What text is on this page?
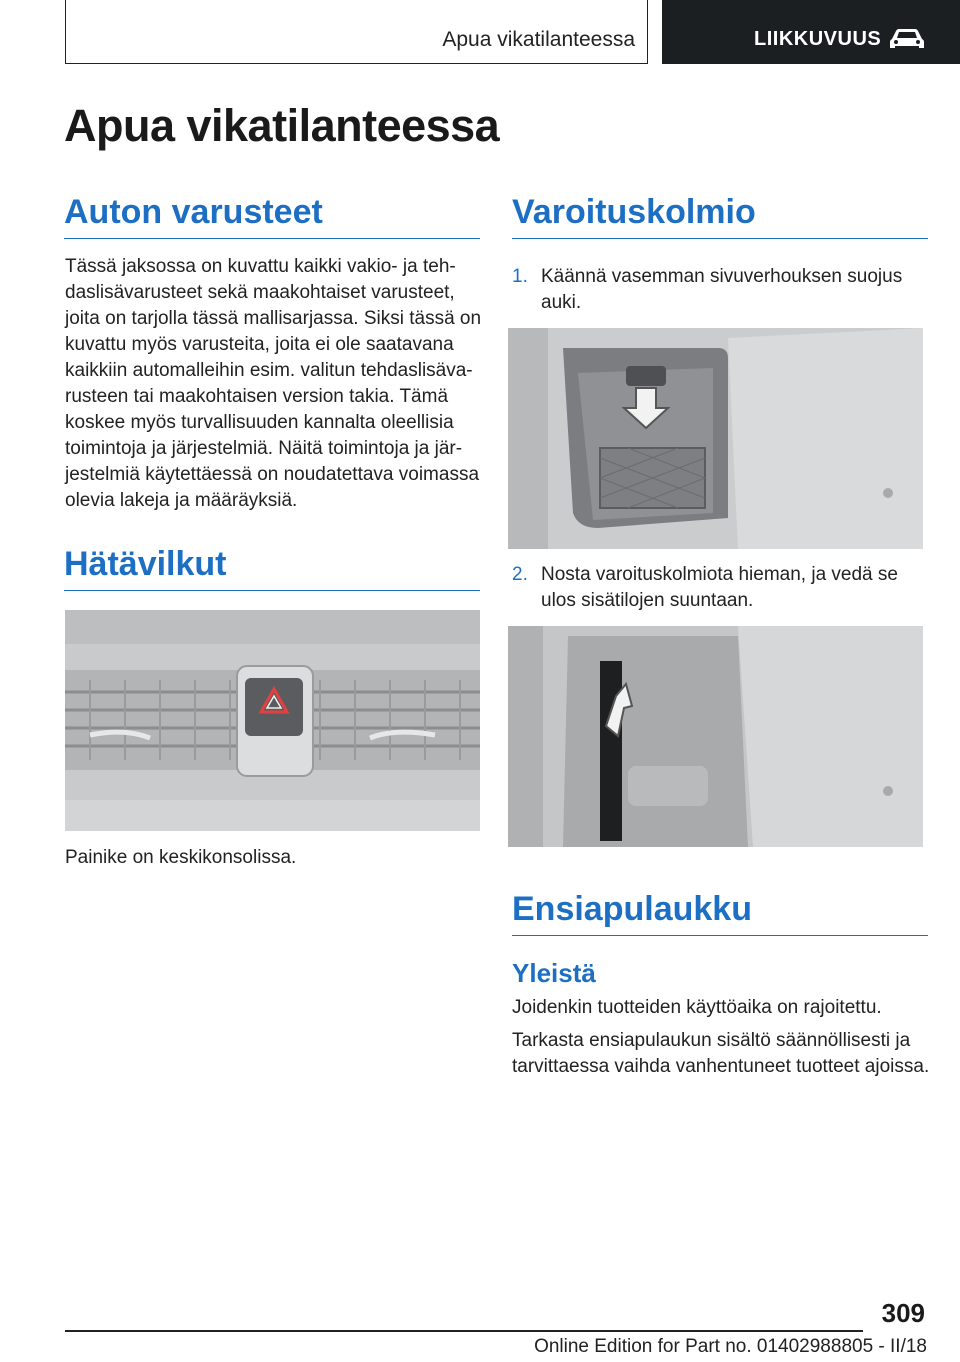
Apua vikatilanteessa	LIIKKUVUUS
Apua vikatilanteessa
Auton varusteet
Tässä jaksossa on kuvattu kaikki vakio- ja teh-
daslisävarusteet sekä maakohtaiset varusteet,
joita on tarjolla tässä mallisarjassa. Siksi tässä on
kuvattu myös varusteita, joita ei ole saatavana
kaikkiin automalleihin esim. valitun tehdaslisäva-
rusteen tai maakohtaisen version takia. Tämä
koskee myös turvallisuuden kannalta oleellisia
toimintoja ja järjestelmiä. Näitä toimintoja ja jär-
jestelmiä käytettäessä on noudatettava voimassa
olevia lakeja ja määräyksiä.
Hätävilkut
Painike on keskikonsolissa.
Varoituskolmio
1. Käännä vasemman sivuverhouksen suojus
auki.
2. Nosta varoituskolmiota hieman, ja vedä se
ulos sisätilojen suuntaan.
Ensiapulaukku
Yleistä
Joidenkin tuotteiden käyttöaika on rajoitettu.
Tarkasta ensiapulaukun sisältö säännöllisesti ja
tarvittaessa vaihda vanhentuneet tuotteet ajoissa.
309
Online Edition for Part no. 01402988805 - II/18
